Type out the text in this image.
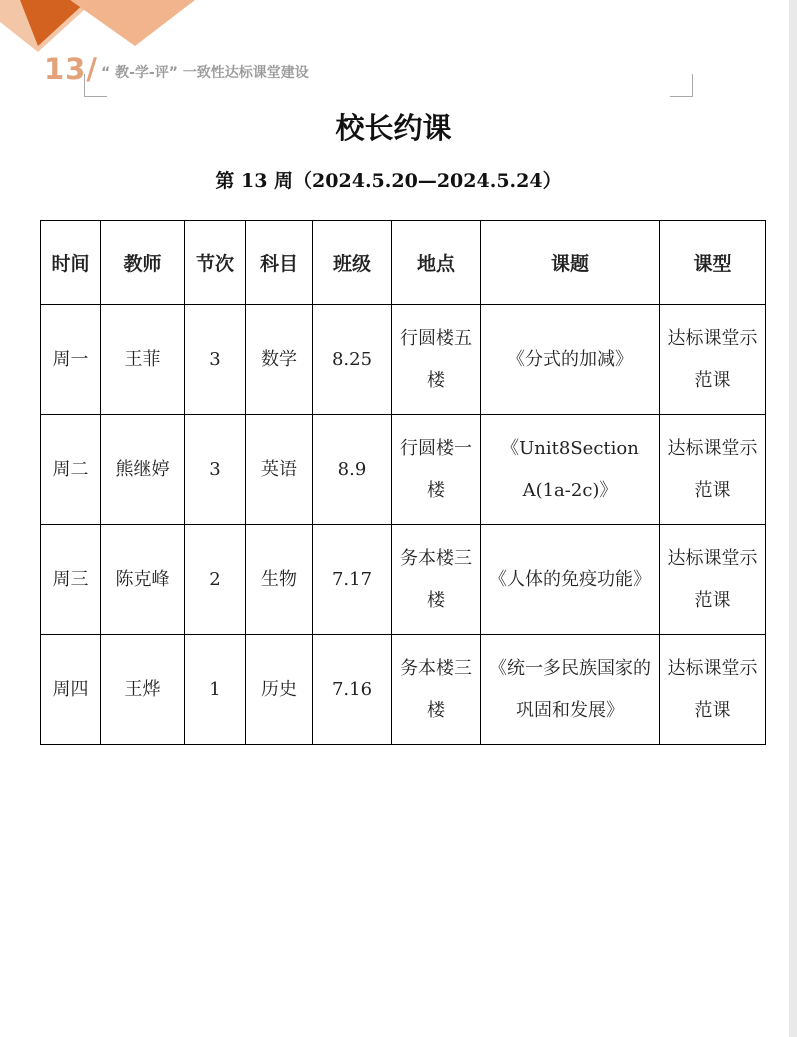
13/ “ 教-学-评” 一致性达标课堂建设
校长约课
第 13 周（2024.5.20—2024.5.24）
时间	教师	节次	科目	班级	地点	课题	课型
周一	王菲	3	数学	8.25	行圆楼五楼	《分式的加减》	达标课堂示范课
周二	熊继婷	3	英语	8.9	行圆楼一楼	《Unit8Section A(1a-2c)》	达标课堂示范课
周三	陈克峰	2	生物	7.17	务本楼三楼	《人体的免疫功能》	达标课堂示范课
周四	王烨	1	历史	7.16	务本楼三楼	《统一多民族国家的巩固和发展》	达标课堂示范课
